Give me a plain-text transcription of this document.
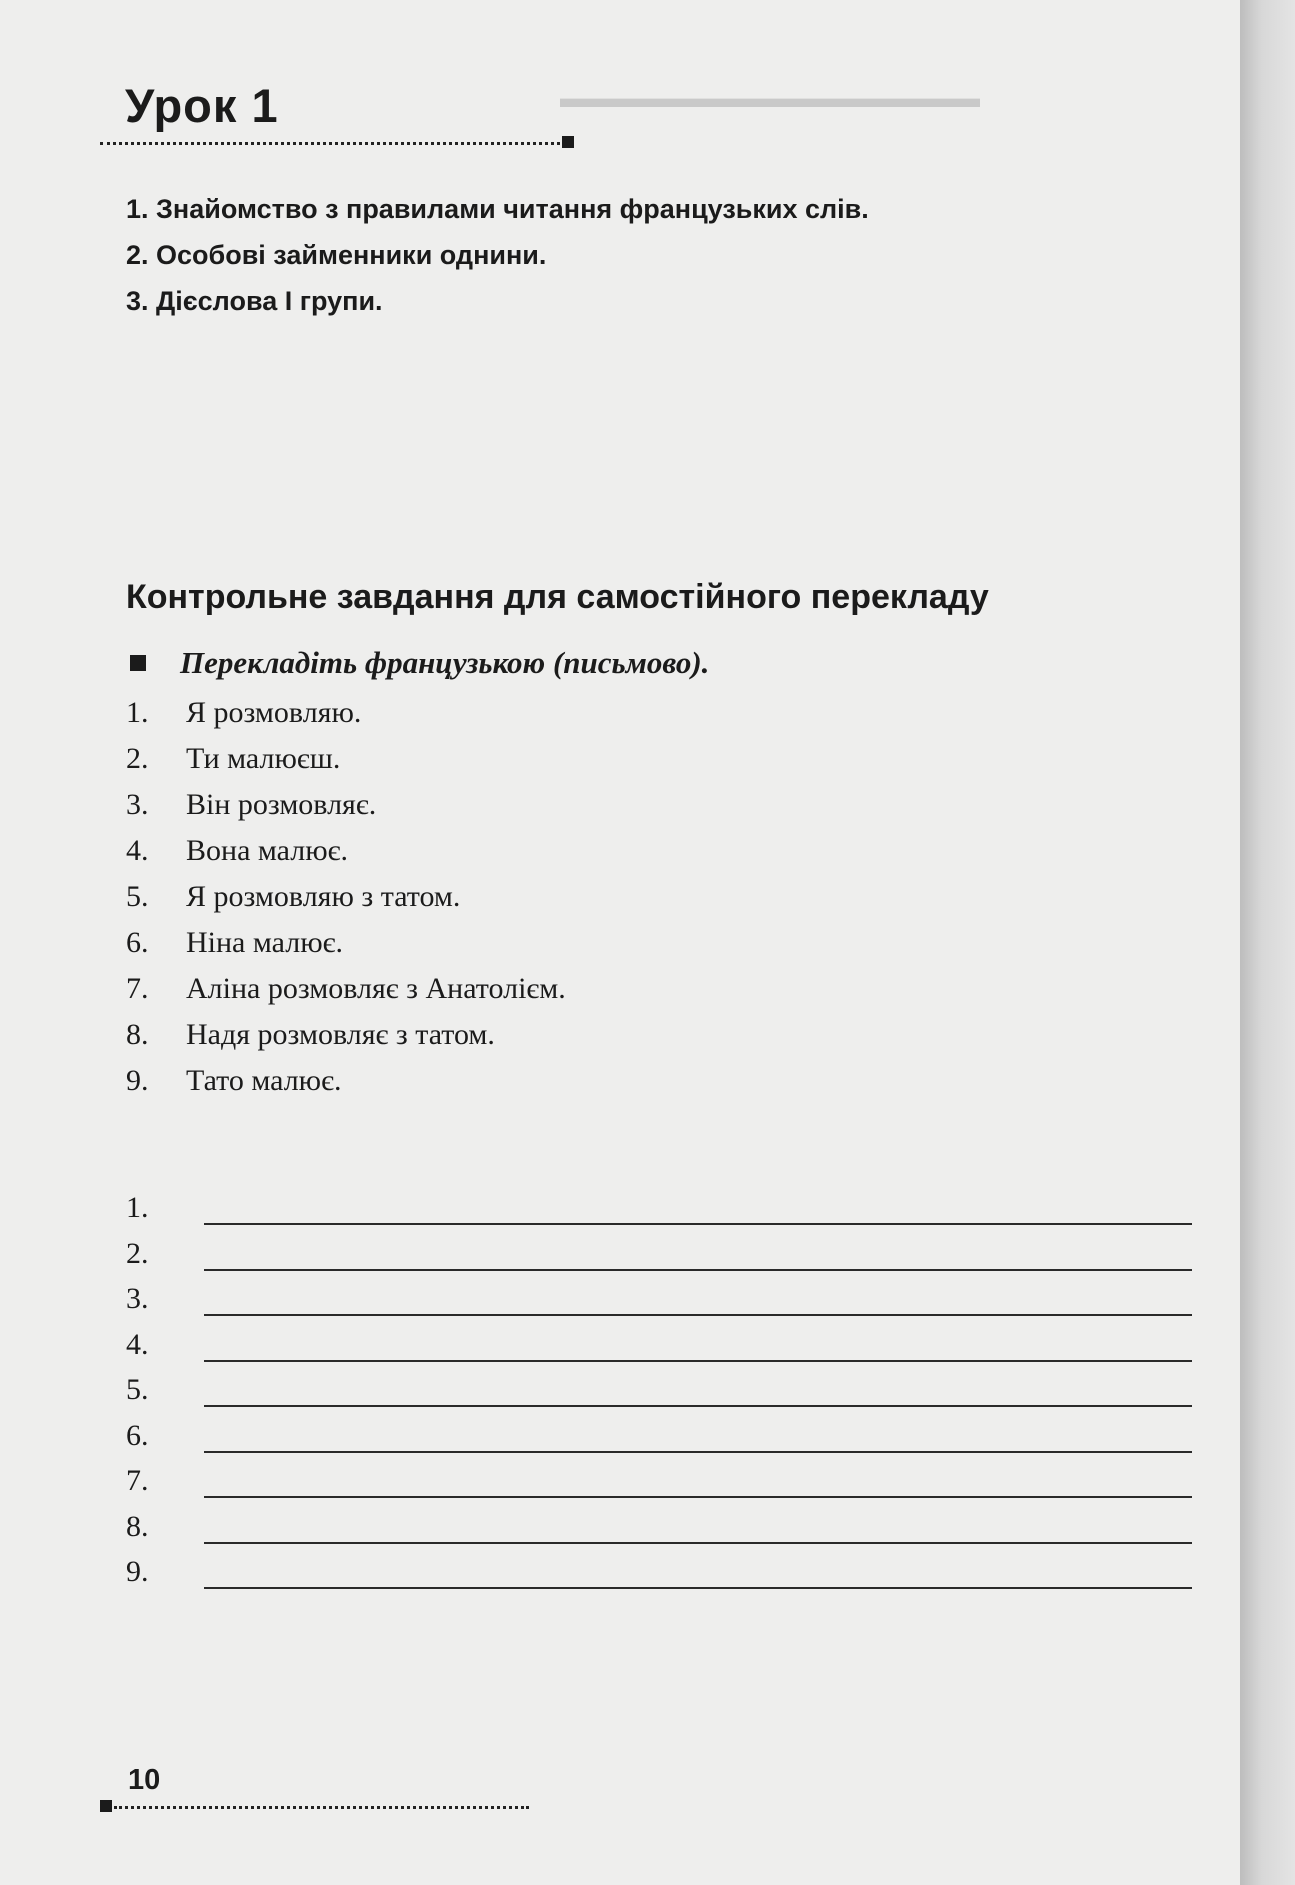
▬▬▬▬▬▬▬▬▬▬▬▬▬▬▬
Урок 1
1. Знайомство з правилами читання французьких слів.
2. Особові займенники однини.
3. Дієслова I групи.
Контрольне завдання для самостійного перекладу
Перекладіть французькою (письмово).
1. Я розмовляю.
2. Ти малюєш.
3. Він розмовляє.
4. Вона малює.
5. Я розмовляю з татом.
6. Ніна малює.
7. Аліна розмовляє з Анатолієм.
8. Надя розмовляє з татом.
9. Тато малює.
1.
2.
3.
4.
5.
6.
7.
8.
9.
10
